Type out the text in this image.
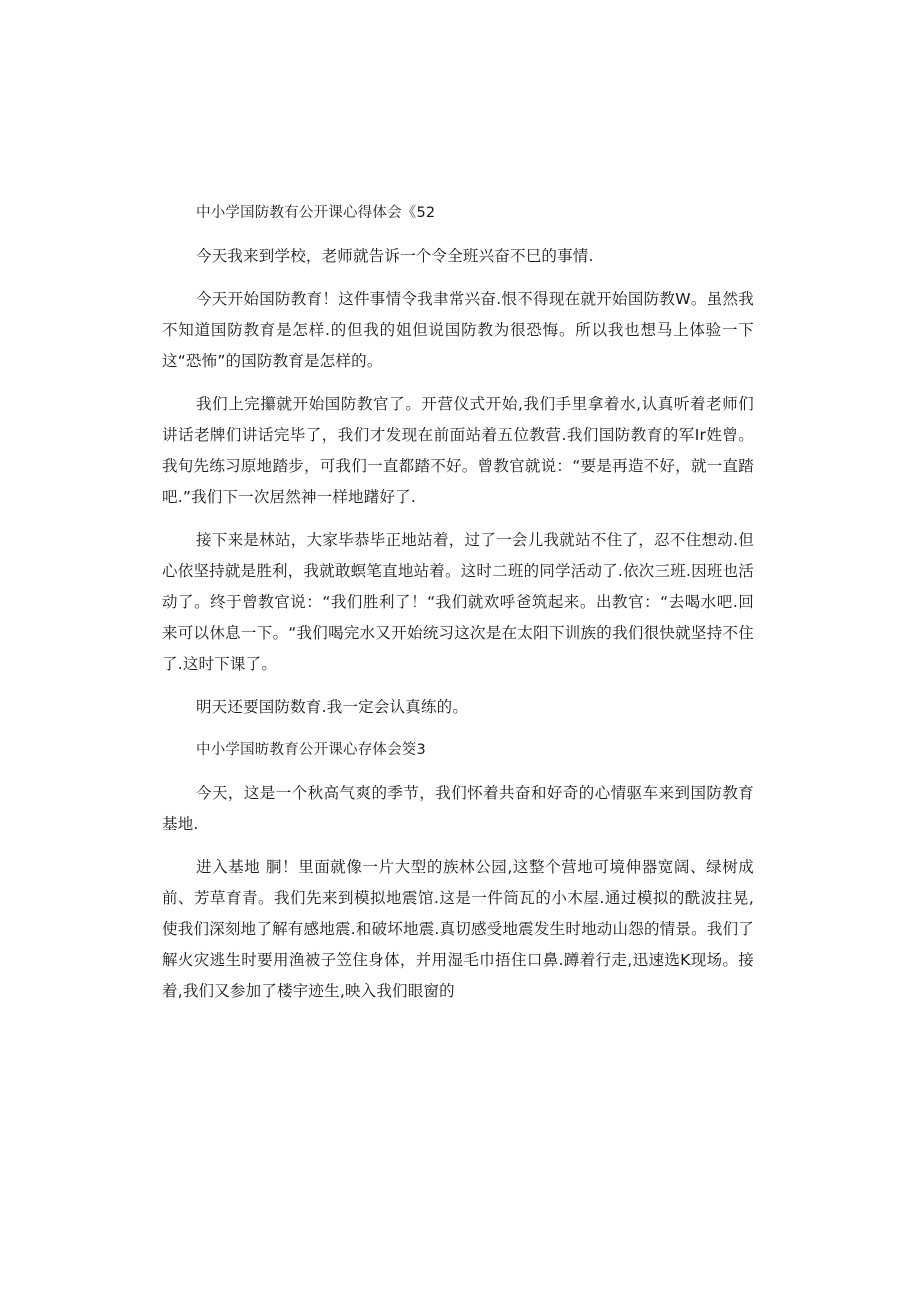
中小学国防教有公开课心得体会《52

今天我来到学校，老师就告诉一个令全班兴奋不巳的事情.

今天开始国防教育！这件事情令我聿常兴奋.恨不得现在就开始国防教W。虽然我不知道国防教育是怎样.的但我的姐但说国防教为很恐悔。所以我也想马上体验一下这“恐怖”的国防教育是怎样的。

我们上完攥就开始国防教官了。开营仪式开始,我们手里拿着水,认真听着老师们讲话老牌们讲话完毕了，我们才发现在前面站着五位教营.我们国防教育的军Ir姓曾。我旬先练习原地踏步，可我们一直都踏不好。曾教官就说：“要是再造不好，就一直踏吧.”我们下一次居然神一样地躇好了.

接下来是林站，大家毕恭毕正地站着，过了一会儿我就站不住了，忍不住想动.但心依坚持就是胜利，我就敢螟笔直地站着。这时二班的同学活动了.依次三班.因班也活动了。终于曾教官说：“我们胜利了！“我们就欢呼爸筑起来。出教官：“去喝水吧.回来可以休息一下。“我们喝完水又开始统习这次是在太阳下训族的我们很快就坚持不住了.这时下课了。

明天还要国防数育.我一定会认真练的。

中小学国昉教育公开课心存体会筊3

今天，这是一个秋高气爽的季节，我们怀着共奋和好奇的心情驱车来到国防教育基地.

进入基地 胴！里面就像一片大型的族林公园,这整个营地可境伸器宽阔、绿树成前、芳草育青。我们先来到模拟地震馆.这是一件筒瓦的小木屋.通过模拟的酰波拄晃,使我们深刻地了解有感地震.和破坏地震.真切感受地震发生时地动山怨的情景。我们了解火灾逃生时要用渔被子笠住身体，并用湿毛巾捂住口鼻.蹲着行走,迅速选K现场。接着,我们又参加了楼宇迹生,映入我们眼窗的
